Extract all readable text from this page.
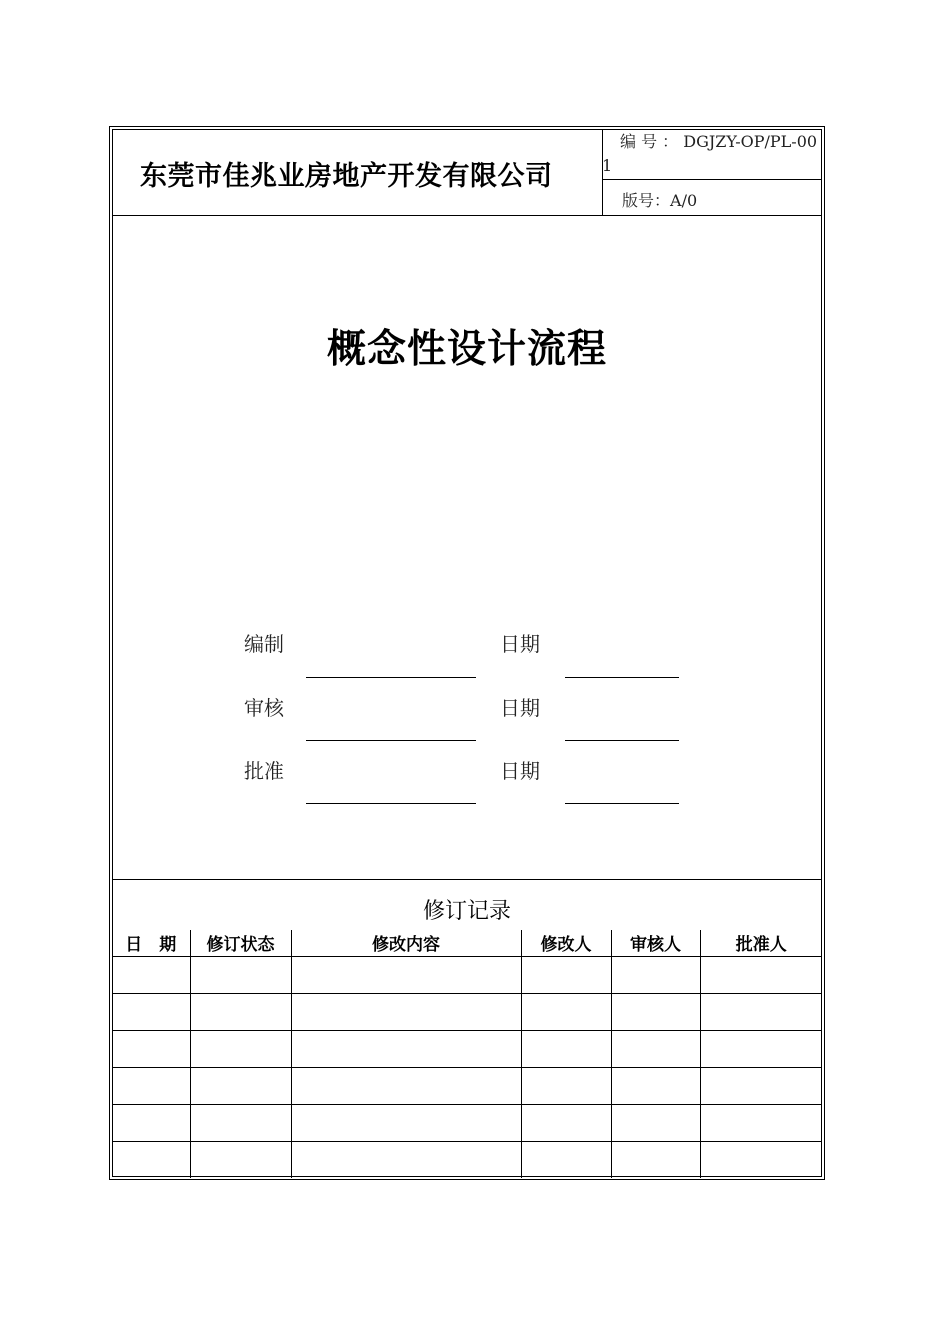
东莞市佳兆业房地产开发有限公司
编 号 ： DGJZY-OP/PL-001
版号：A/0
概念性设计流程
编制	日期
审核	日期
批准	日期
修订记录
日　期	修订状态	修改内容	修改人	审核人	批准人
